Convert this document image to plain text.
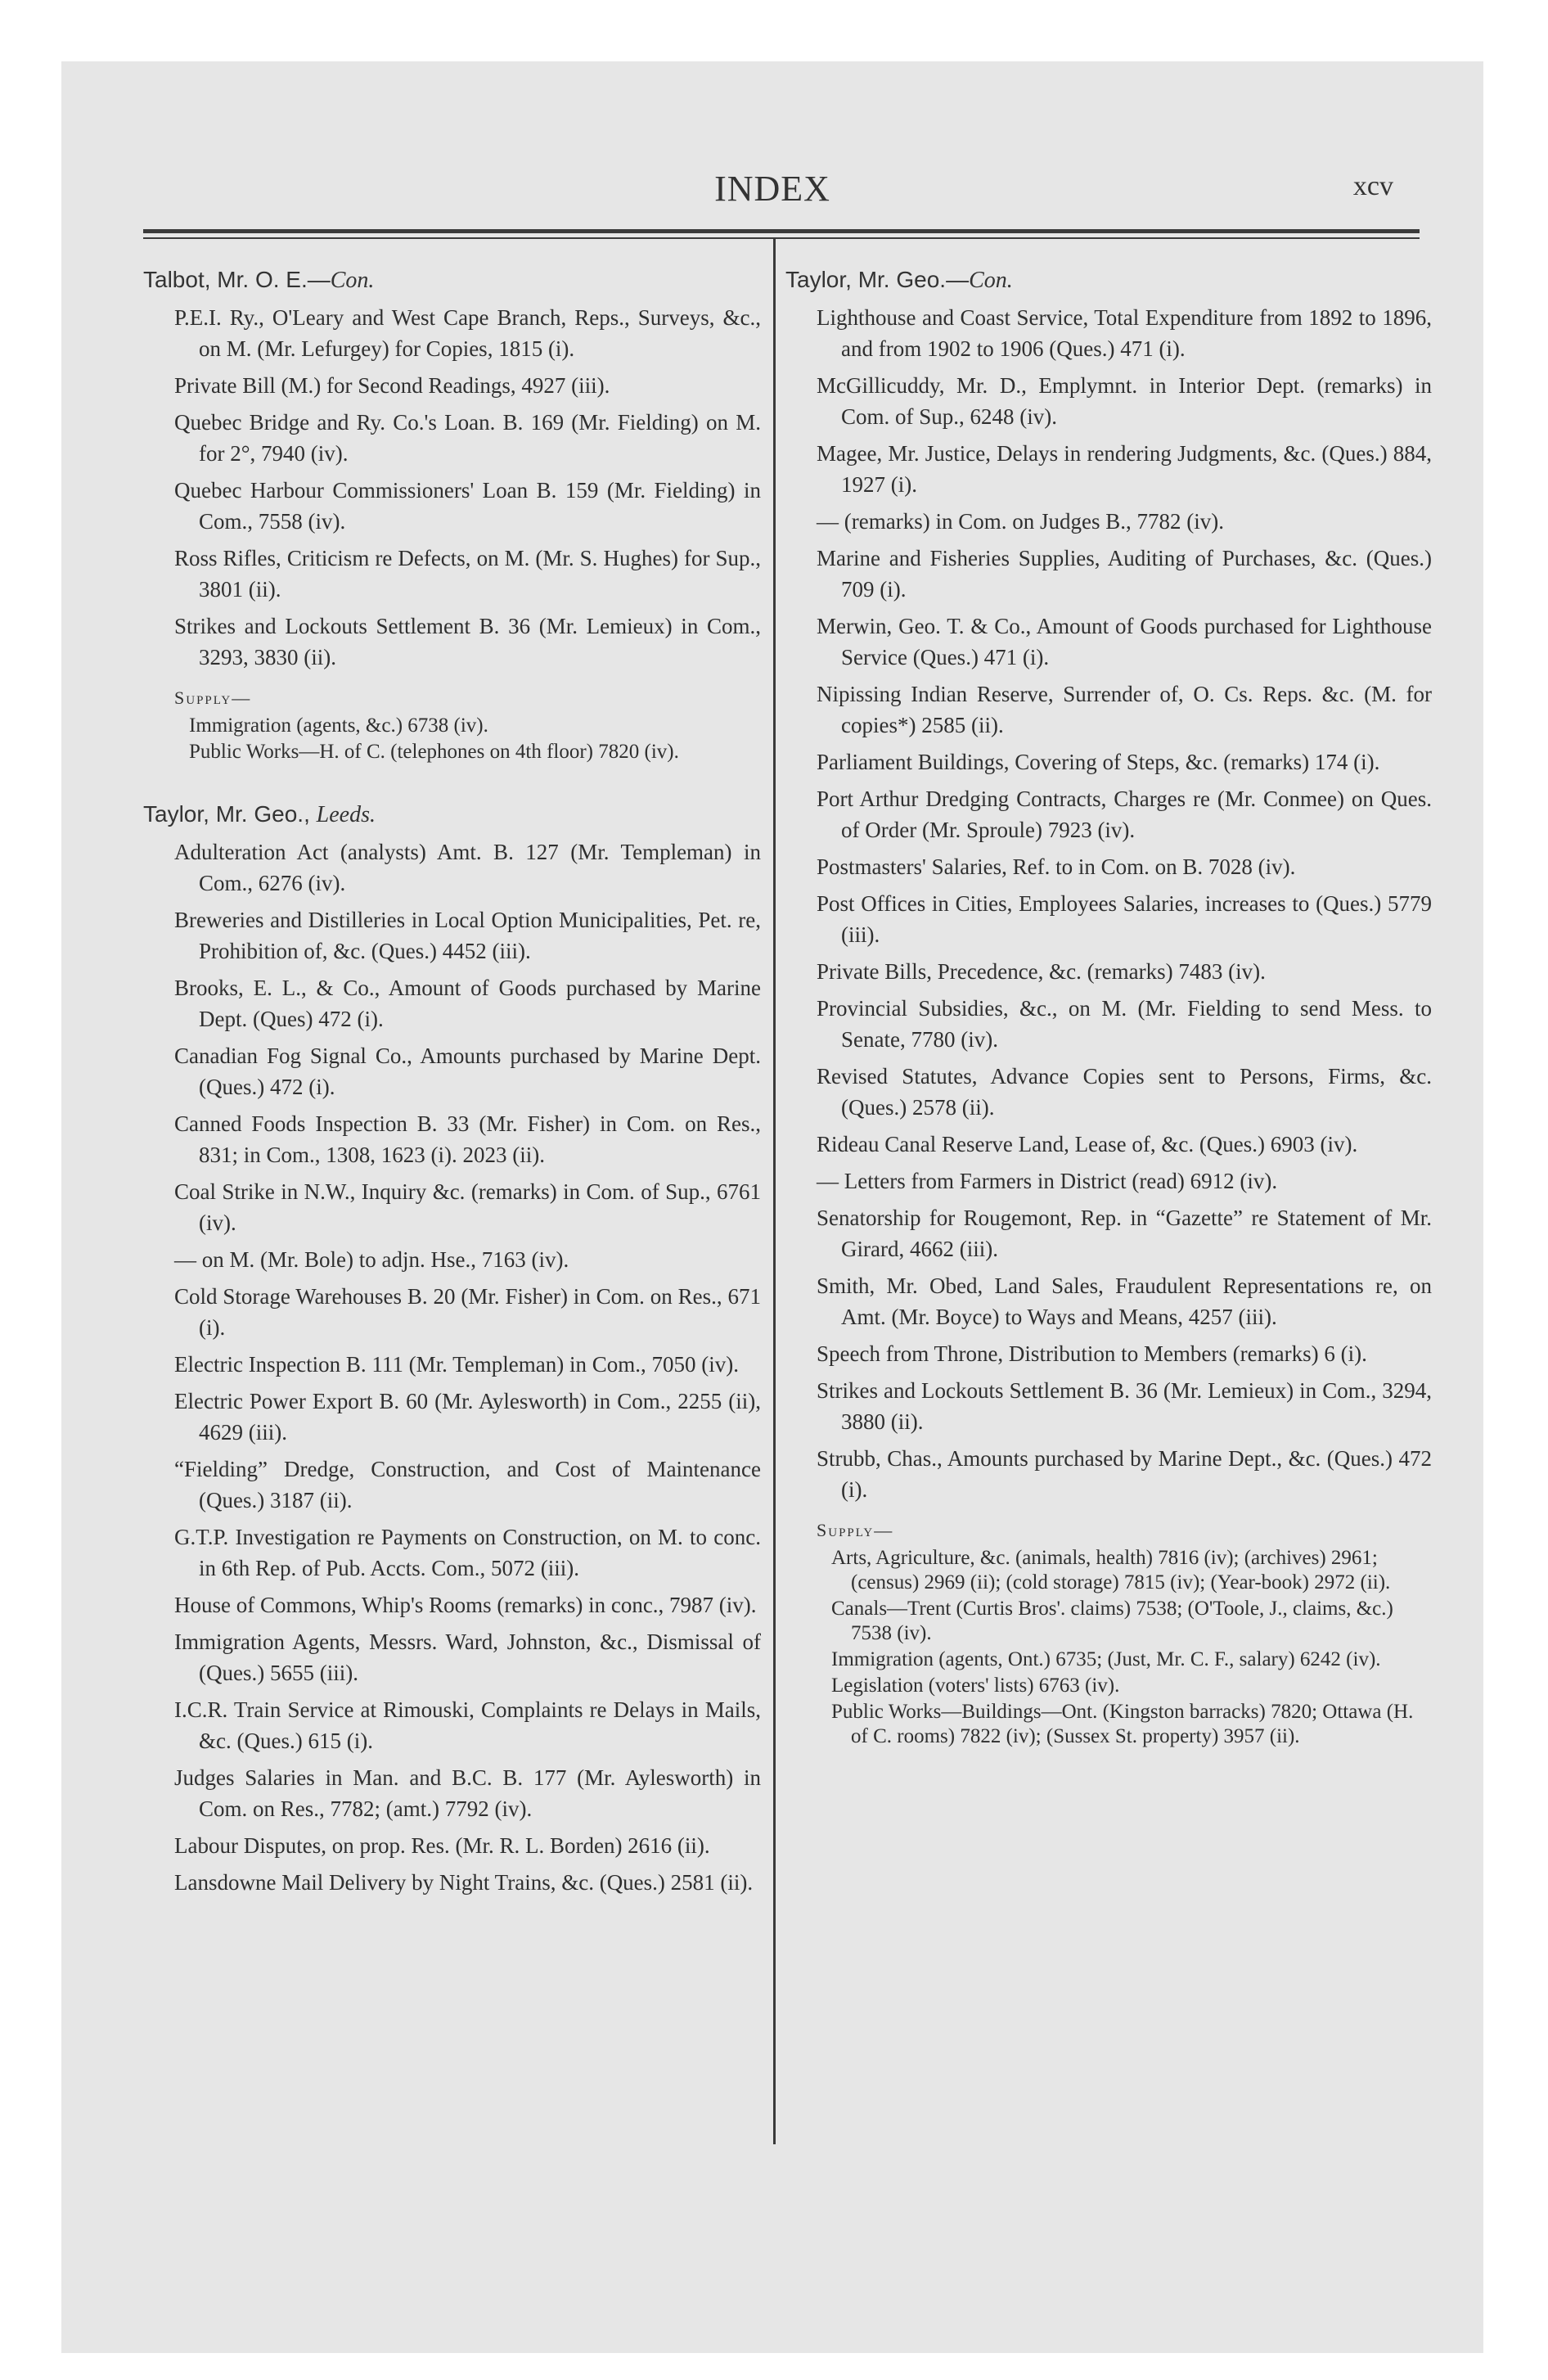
INDEX	xcv
Talbot, Mr. O. E.—Con.
P.E.I. Ry., O'Leary and West Cape Branch, Reps., Surveys, &c., on M. (Mr. Lefurgey) for Copies, 1815 (i).
Private Bill (M.) for Second Readings, 4927 (iii).
Quebec Bridge and Ry. Co.'s Loan. B. 169 (Mr. Fielding) on M. for 2°, 7940 (iv).
Quebec Harbour Commissioners' Loan B. 159 (Mr. Fielding) in Com., 7558 (iv).
Ross Rifles, Criticism re Defects, on M. (Mr. S. Hughes) for Sup., 3801 (ii).
Strikes and Lockouts Settlement B. 36 (Mr. Lemieux) in Com., 3293, 3830 (ii).
Supply—
Immigration (agents, &c.) 6738 (iv).
Public Works—H. of C. (telephones on 4th floor) 7820 (iv).
Taylor, Mr. Geo., Leeds.
Adulteration Act (analysts) Amt. B. 127 (Mr. Templeman) in Com., 6276 (iv).
Breweries and Distilleries in Local Option Municipalities, Pet. re, Prohibition of, &c. (Ques.) 4452 (iii).
Brooks, E. L., & Co., Amount of Goods purchased by Marine Dept. (Ques) 472 (i).
Canadian Fog Signal Co., Amounts purchased by Marine Dept. (Ques.) 472 (i).
Canned Foods Inspection B. 33 (Mr. Fisher) in Com. on Res., 831; in Com., 1308, 1623 (i). 2023 (ii).
Coal Strike in N.W., Inquiry &c. (remarks) in Com. of Sup., 6761 (iv).
— on M. (Mr. Bole) to adjn. Hse., 7163 (iv).
Cold Storage Warehouses B. 20 (Mr. Fisher) in Com. on Res., 671 (i).
Electric Inspection B. 111 (Mr. Templeman) in Com., 7050 (iv).
Electric Power Export B. 60 (Mr. Aylesworth) in Com., 2255 (ii), 4629 (iii).
“Fielding” Dredge, Construction, and Cost of Maintenance (Ques.) 3187 (ii).
G.T.P. Investigation re Payments on Construction, on M. to conc. in 6th Rep. of Pub. Accts. Com., 5072 (iii).
House of Commons, Whip's Rooms (remarks) in conc., 7987 (iv).
Immigration Agents, Messrs. Ward, Johnston, &c., Dismissal of (Ques.) 5655 (iii).
I.C.R. Train Service at Rimouski, Complaints re Delays in Mails, &c. (Ques.) 615 (i).
Judges Salaries in Man. and B.C. B. 177 (Mr. Aylesworth) in Com. on Res., 7782; (amt.) 7792 (iv).
Labour Disputes, on prop. Res. (Mr. R. L. Borden) 2616 (ii).
Lansdowne Mail Delivery by Night Trains, &c. (Ques.) 2581 (ii).
Taylor, Mr. Geo.—Con.
Lighthouse and Coast Service, Total Expenditure from 1892 to 1896, and from 1902 to 1906 (Ques.) 471 (i).
McGillicuddy, Mr. D., Emplymnt. in Interior Dept. (remarks) in Com. of Sup., 6248 (iv).
Magee, Mr. Justice, Delays in rendering Judgments, &c. (Ques.) 884, 1927 (i).
— (remarks) in Com. on Judges B., 7782 (iv).
Marine and Fisheries Supplies, Auditing of Purchases, &c. (Ques.) 709 (i).
Merwin, Geo. T. & Co., Amount of Goods purchased for Lighthouse Service (Ques.) 471 (i).
Nipissing Indian Reserve, Surrender of, O. Cs. Reps. &c. (M. for copies*) 2585 (ii).
Parliament Buildings, Covering of Steps, &c. (remarks) 174 (i).
Port Arthur Dredging Contracts, Charges re (Mr. Conmee) on Ques. of Order (Mr. Sproule) 7923 (iv).
Postmasters' Salaries, Ref. to in Com. on B. 7028 (iv).
Post Offices in Cities, Employees Salaries, increases to (Ques.) 5779 (iii).
Private Bills, Precedence, &c. (remarks) 7483 (iv).
Provincial Subsidies, &c., on M. (Mr. Fielding to send Mess. to Senate, 7780 (iv).
Revised Statutes, Advance Copies sent to Persons, Firms, &c. (Ques.) 2578 (ii).
Rideau Canal Reserve Land, Lease of, &c. (Ques.) 6903 (iv).
— Letters from Farmers in District (read) 6912 (iv).
Senatorship for Rougemont, Rep. in “Gazette” re Statement of Mr. Girard, 4662 (iii).
Smith, Mr. Obed, Land Sales, Fraudulent Representations re, on Amt. (Mr. Boyce) to Ways and Means, 4257 (iii).
Speech from Throne, Distribution to Members (remarks) 6 (i).
Strikes and Lockouts Settlement B. 36 (Mr. Lemieux) in Com., 3294, 3880 (ii).
Strubb, Chas., Amounts purchased by Marine Dept., &c. (Ques.) 472 (i).
Supply—
Arts, Agriculture, &c. (animals, health) 7816 (iv); (archives) 2961; (census) 2969 (ii); (cold storage) 7815 (iv); (Year-book) 2972 (ii).
Canals—Trent (Curtis Bros'. claims) 7538; (O'Toole, J., claims, &c.) 7538 (iv).
Immigration (agents, Ont.) 6735; (Just, Mr. C. F., salary) 6242 (iv).
Legislation (voters' lists) 6763 (iv).
Public Works—Buildings—Ont. (Kingston barracks) 7820; Ottawa (H. of C. rooms) 7822 (iv); (Sussex St. property) 3957 (ii).
